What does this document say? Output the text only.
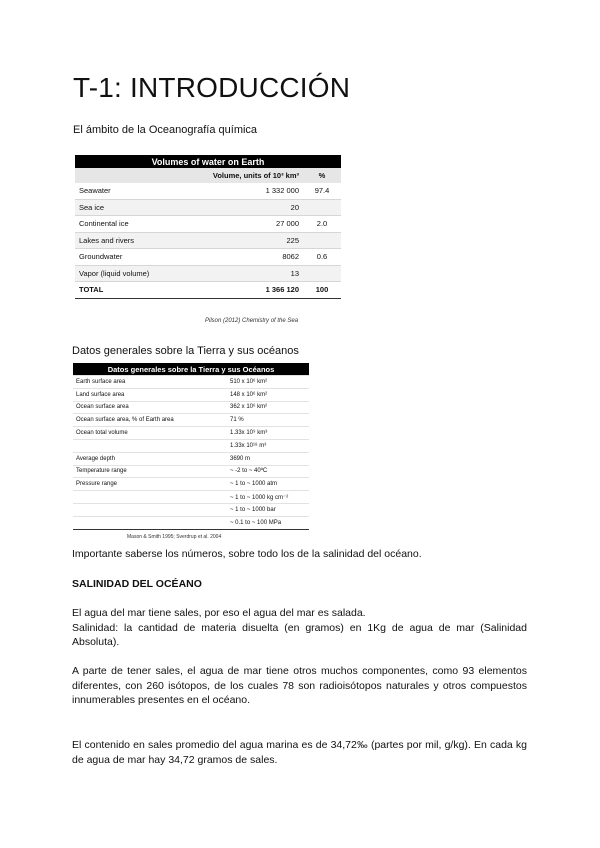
T-1: INTRODUCCIÓN
El ámbito de la Oceanografía química
Volumes of water on Earth		
	Volume, units of 10³ km³	%
Seawater	1 332 000	97.4
Sea ice	20	
Continental ice	27 000	2.0
Lakes and rivers	225	
Groundwater	8062	0.6
Vapor (liquid volume)	13	
TOTAL	1 366 120	100
Pilson (2012) Chemistry of the Sea
Datos generales sobre la Tierra y sus océanos
Datos generales sobre la Tierra y sus Océanos	
Earth surface area	510 x 10⁶ km²
Land surface area	148 x 10⁶ km²
Ocean surface area	362 x 10⁶ km²
Ocean surface area, % of Earth area	71 %
Ocean total volume	1.33x 10⁹ km³
	1.33x 10¹⁸ m³
Average depth	3690 m
Temperature range	~ -2 to ~ 40ºC
Pressure range	~ 1 to ~ 1000 atm
	~ 1 to ~ 1000 kg cm⁻²
	~ 1 to ~ 1000 bar
	~ 0.1 to ~ 100 MPa
Mason & Smith 1995; Sverdrup et al. 2004
Importante saberse los números, sobre todo los de la salinidad del océano.
SALINIDAD DEL OCÉANO
El agua del mar tiene sales, por eso el agua del mar es salada.
Salinidad: la cantidad de materia disuelta (en gramos) en 1Kg de agua de mar (Salinidad Absoluta).
A parte de tener sales, el agua de mar tiene otros muchos componentes, como 93 elementos diferentes, con 260 isótopos, de los cuales 78 son radioisótopos naturales y otros compuestos innumerables presentes en el océano.
El contenido en sales promedio del agua marina es de 34,72‰ (partes por mil, g/kg). En cada kg de agua de mar hay 34,72 gramos de sales.
